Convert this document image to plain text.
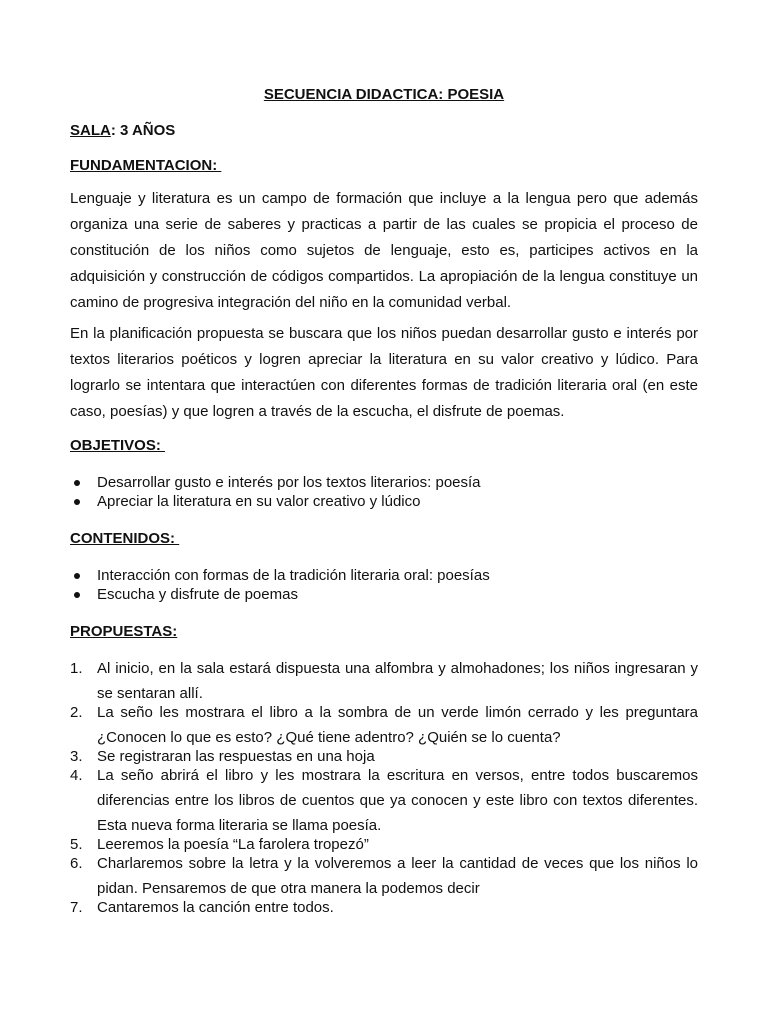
SECUENCIA DIDACTICA: POESIA
SALA: 3 AÑOS
FUNDAMENTACION:

Lenguaje y literatura es un campo de formación que incluye a la lengua pero que además organiza una serie de saberes y practicas a partir de las cuales se propicia el proceso de constitución de los niños como sujetos de lenguaje, esto es, participes activos en la adquisición y construcción de códigos compartidos. La apropiación de la lengua constituye un camino de progresiva integración del niño en la comunidad verbal.

En la planificación propuesta se buscara que los niños puedan desarrollar gusto e interés por textos literarios poéticos y logren apreciar la literatura en su valor creativo y lúdico. Para lograrlo se intentara que interactúen con diferentes formas de tradición literaria oral (en este caso, poesías) y que logren a través de la escucha, el disfrute de poemas.

OBJETIVOS:
Desarrollar gusto e interés por los textos literarios: poesía
Apreciar la literatura en su valor creativo y lúdico
CONTENIDOS:
Interacción con formas de la tradición literaria oral: poesías
Escucha y disfrute de poemas
PROPUESTAS:
1. Al inicio, en la sala estará dispuesta una alfombra y almohadones; los niños ingresaran y se sentaran allí.
2. La seño les mostrara el libro a la sombra de un verde limón cerrado y les preguntara ¿Conocen lo que es esto? ¿Qué tiene adentro? ¿Quién se lo cuenta?
3. Se registraran las respuestas en una hoja
4. La seño abrirá el libro y les mostrara la escritura en versos, entre todos buscaremos diferencias entre los libros de cuentos que ya conocen y este libro con textos diferentes. Esta nueva forma literaria se llama poesía.
5. Leeremos la poesía “La farolera tropezó”
6. Charlaremos sobre la letra y la volveremos a leer la cantidad de veces que los niños lo pidan. Pensaremos de que otra manera la podemos decir
7. Cantaremos la canción entre todos.
